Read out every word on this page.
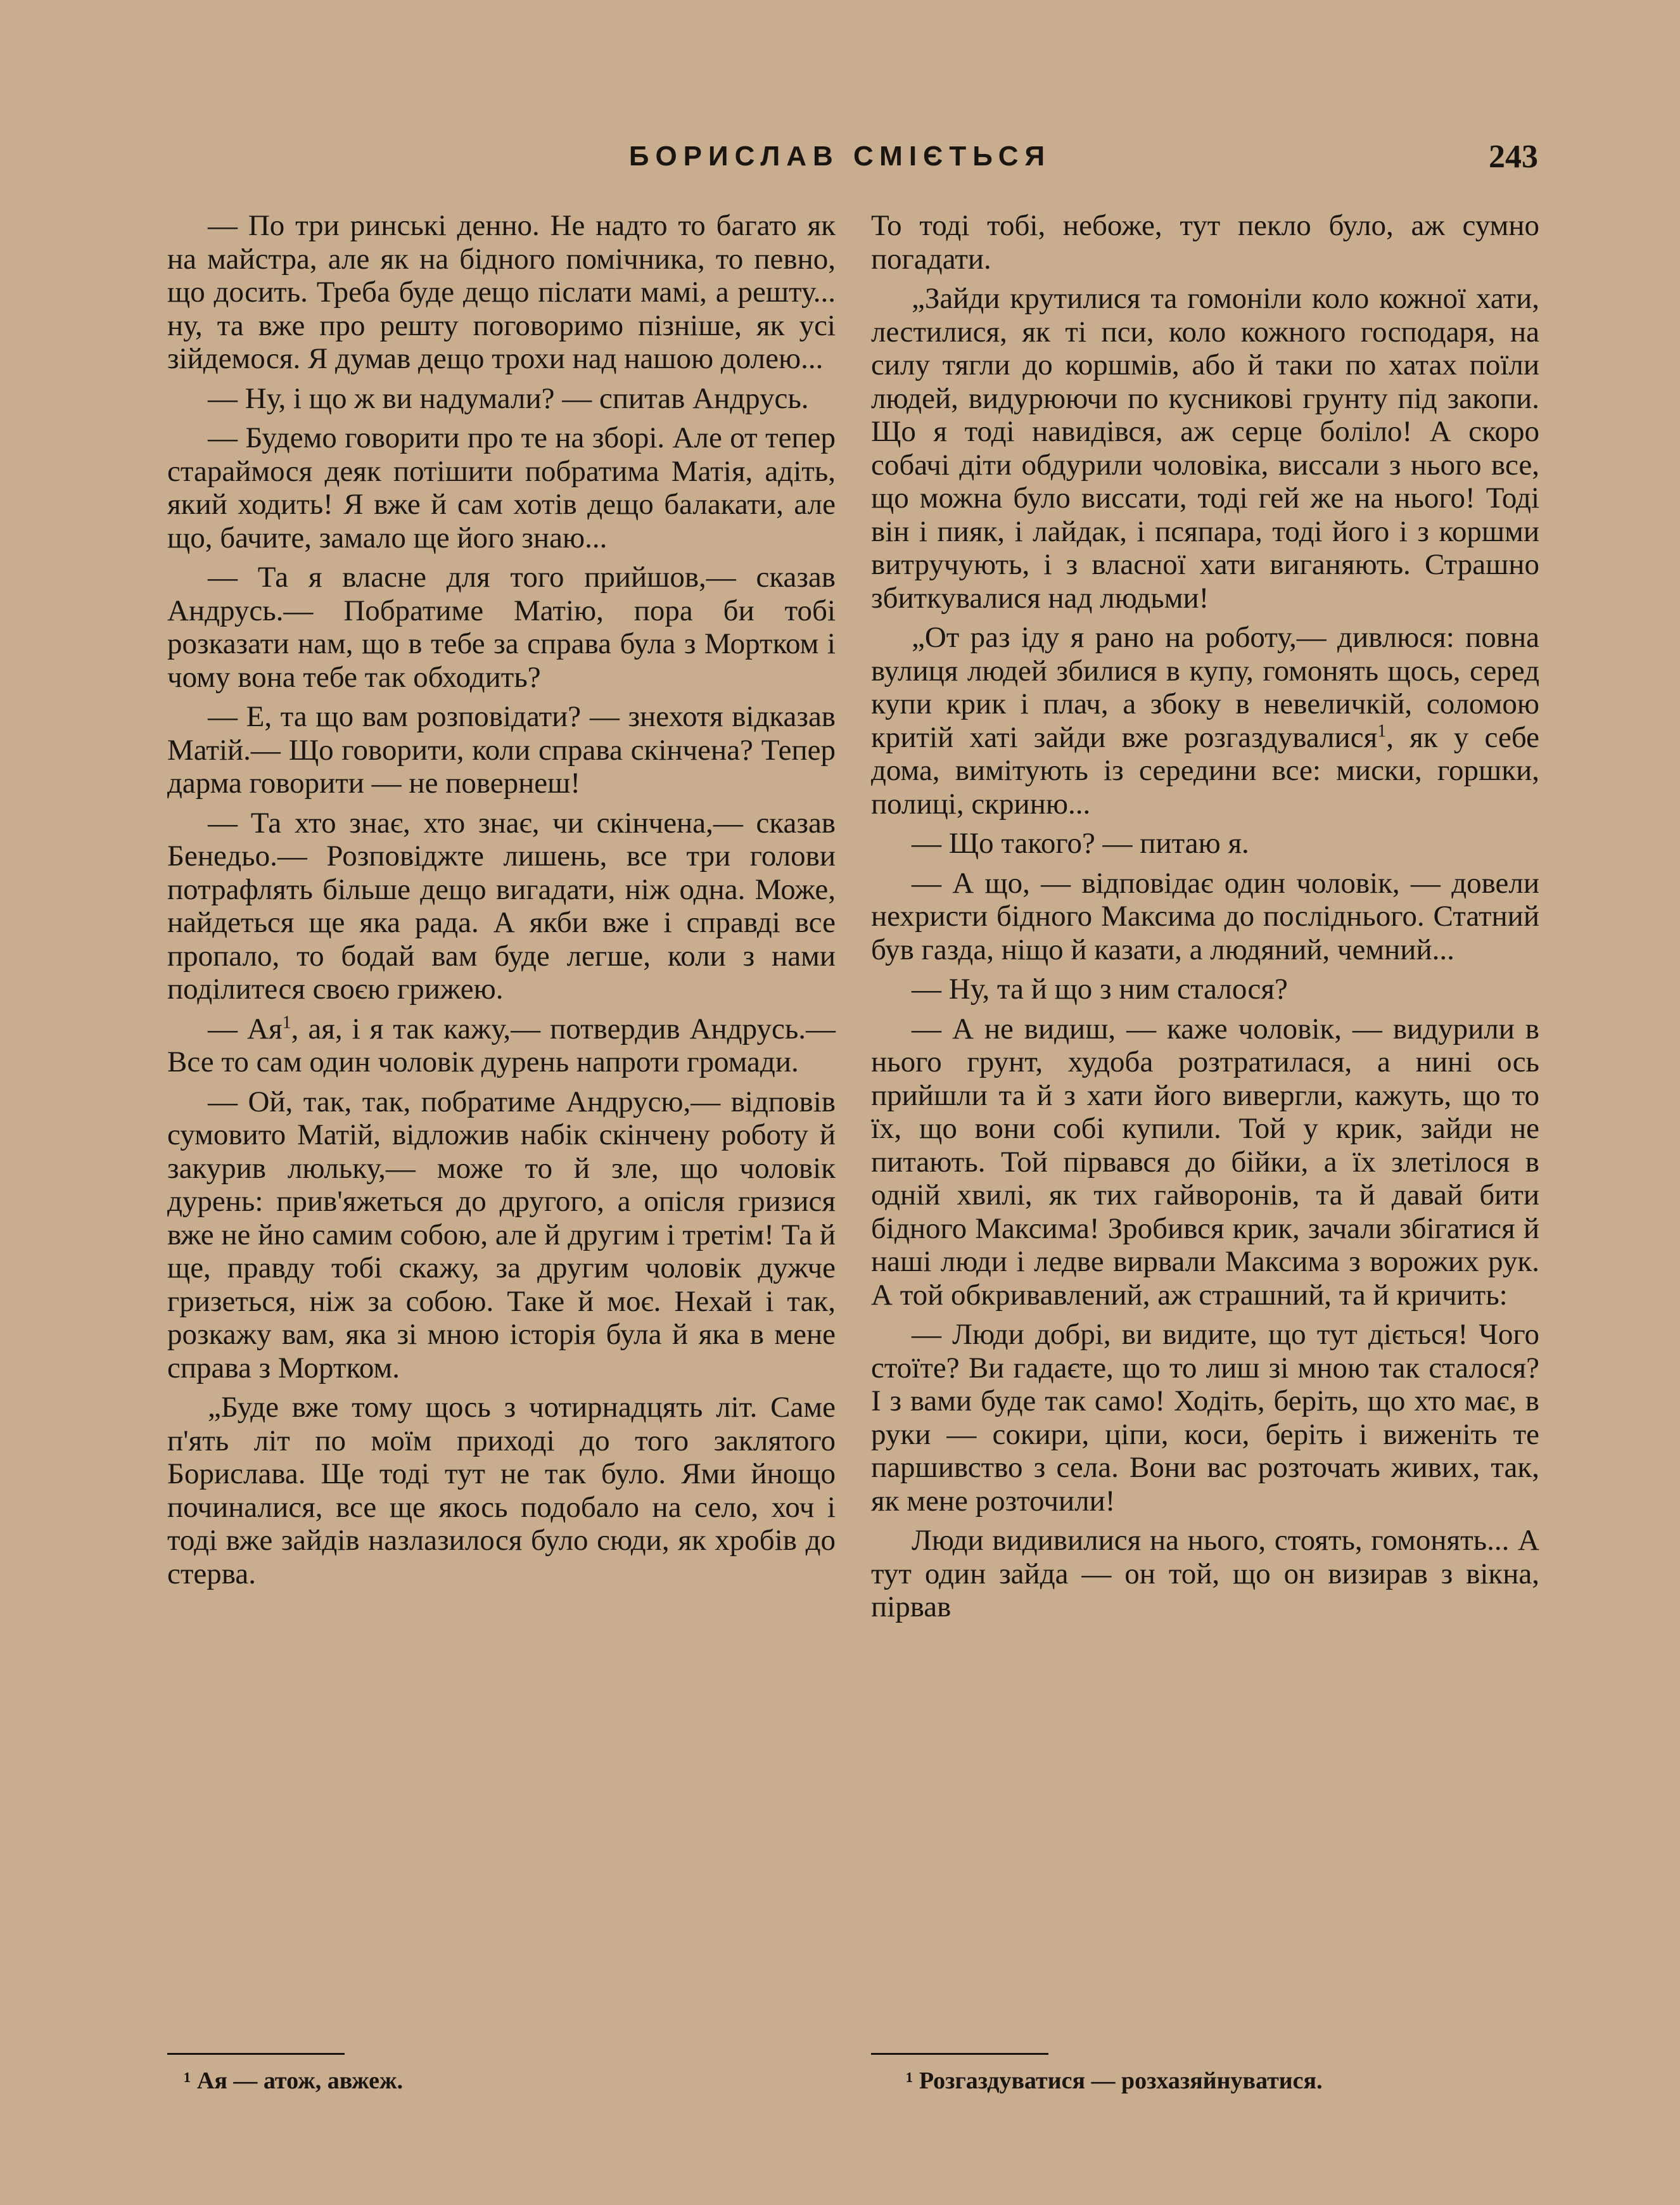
БОРИСЛАВ СМІЄТЬСЯ	243

— По три ринські денно. Не надто то багато як на майстра, але як на бідного помічника, то певно, що досить. Треба буде дещо післати мамі, а решту... ну, та вже про решту поговоримо пізніше, як усі зійдемося. Я думав дещо трохи над нашою долею...

— Ну, і що ж ви надумали? — спитав Андрусь.

— Будемо говорити про те на зборі. Але от тепер старaймося деяк потішити побратима Матія, адіть, який ходить! Я вже й сам хотів дещо балакати, але що, бачите, замало ще його знаю...

— Та я власне для того прийшов,— сказав Андрусь.— Побратиме Матію, пора би тобі розказати нам, що в тебе за справа була з Мортком і чому вона тебе так обходить?

— Е, та що вам розповідати? — знехотя відказав Матій.— Що говорити, коли справа скінчена? Тепер дарма говорити — не повернеш!

— Та хто знає, хто знає, чи скінчена,— сказав Бенедьо.— Розповіджте лишень, все три голови потрафлять більше дещо вигадати, ніж одна. Може, найдеться ще яка рада. А якби вже і справді все пропало, то бодай вам буде легше, коли з нами поділитеся своєю грижею.

— $Ая^1$, ая, і я так кажу,— потвердив Андрусь.— Все то сам один чоловік дурень напроти громади.

— Ой, так, так, побратиме Андрусю,— відповів сумовито Матій, відложив набік скінчену роботу й закурив люльку,— може то й зле, що чоловік дурень: прив'яжеться до другого, а опісля гризися вже не йно самим собою, але й другим і третім! Та й ще, правду тобі скажу, за другим чоловік дужче гризеться, ніж за собою. Таке й моє. Нехай і так, розкажу вам, яка зі мною історія була й яка в мене справа з Мортком.

„Буде вже тому щось з чотирнадцять літ. Саме п'ять літ по моїм приході до того заклятого Борислава. Ще тоді тут не так було. Ями йнощо починалися, все ще якось подобало на село, хоч і тоді вже зайдів назлазилося було сюди, як хробів до стерва.

То тоді тобі, небоже, тут пекло було, аж сумно погадати.

„Зайди крутилися та гомоніли коло кожної хати, лестилися, як ті пси, коло кожного господаря, на силу тягли до коршмів, або й таки по хатах поїли людей, видурюючи по кусникові грунту під закопи. Що я тоді навидівся, аж серце боліло! А скоро собачі діти обдурили чоловіка, виссали з нього все, що можна було виссати, тоді гей же на нього! Тоді він і пияк, і лайдак, і псяпара, тоді його і з коршми витручують, і з власної хати виганяють. Страшно збиткувалися над людьми!

„От раз іду я рано на роботу,— дивлюся: повна вулиця людей збилися в купу, гомонять щось, серед купи крик і плач, а збоку в невеличкій, соломою критій хаті зайди вже розгаздувалися$^1$, як у себе дома, вимітують із середини все: миски, горшки, полиці, скриню...

— Що такого? — питаю я.

— А що, — відповідає один чоловік, — довели нехристи бідного Максима до посліднього. Статний був газда, ніщо й казати, а людяний, чемний...

— Ну, та й що з ним сталося?

— А не видиш, — каже чоловік, — видурили в нього грунт, худоба розтратилася, а нині ось прийшли та й з хати його вивергли, кажуть, що то їх, що вони собі купили. Той у крик, зайди не питають. Той пірвався до бійки, а їх злетілося в одній хвилі, як тих гайворонів, та й давай бити бідного Максима! Зробився крик, зачали збігатися й наші люди і ледве вирвали Максима з ворожих рук. А той обкривавлений, аж страшний, та й кричить:

— Люди добрі, ви видите, що тут діється! Чого стоїте? Ви гадаєте, що то лиш зі мною так сталося? І з вами буде так само! Ходіть, беріть, що хто має, в руки — сокири, ціпи, коси, беріть і виженіть те паршивство з села. Вони вас розточать живих, так, як мене розточили!

Люди видивилися на нього, стоять, гомонять... А тут один зайда — он той, що он визирав з вікна, пірвав

¹ Ая — атож, авжеж.	¹ Розгаздуватися — розхазяйнуватися.
